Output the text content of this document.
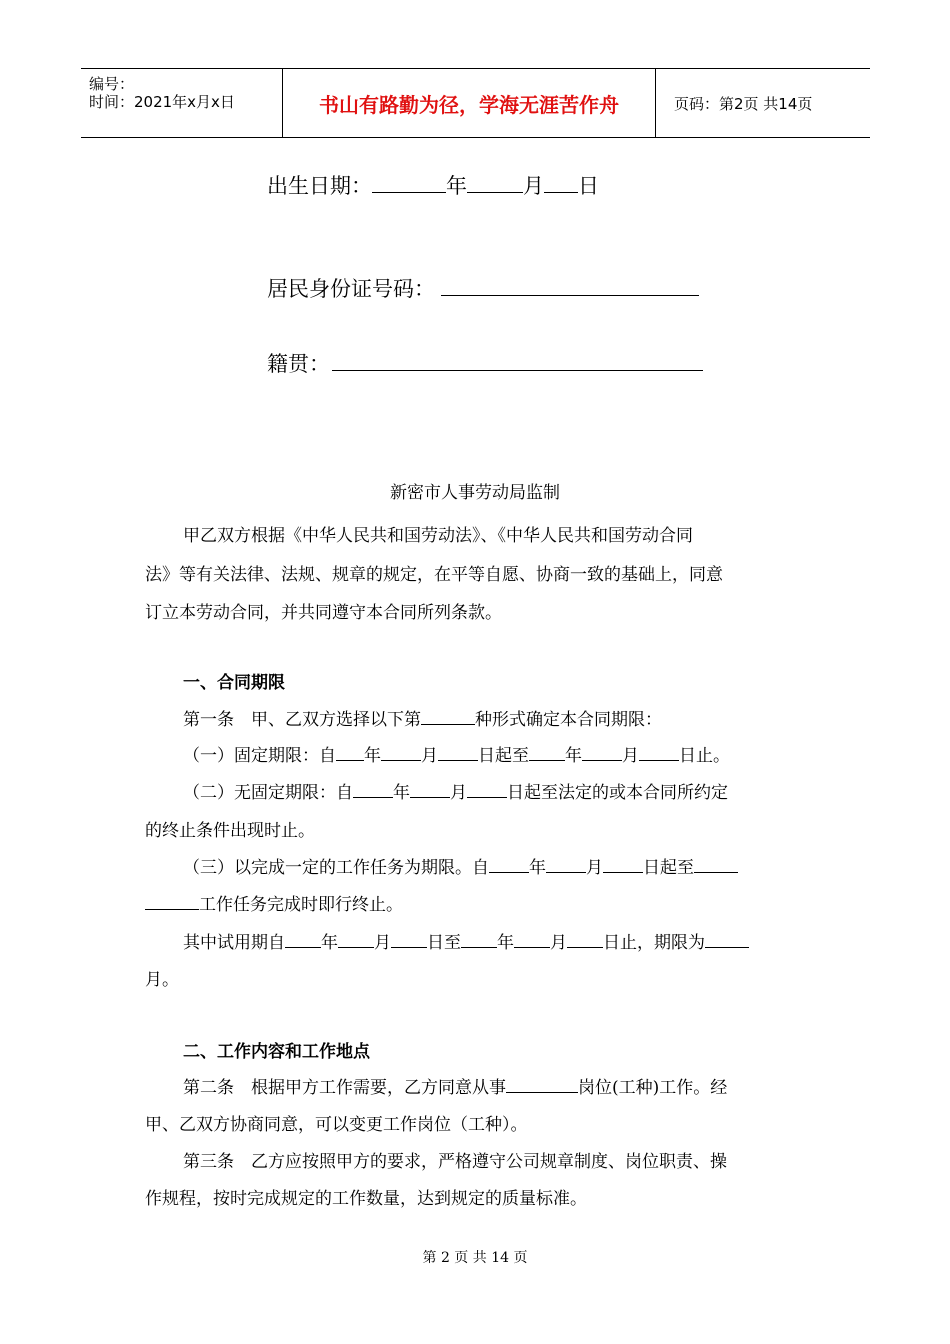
编号：
时间：2021年x月x日	书山有路勤为径，学海无涯苦作舟	页码：第2页 共14页
出生日期：	年	月 日
居民身份证号码：
籍贯：
新密市人事劳动局监制
甲乙双方根据《中华人民共和国劳动法》、《中华人民共和国劳动合同
法》等有关法律、法规、规章的规定，在平等自愿、协商一致的基础上，同意
订立本劳动合同，并共同遵守本合同所列条款。
一、合同期限
第一条　甲、乙双方选择以下第	种形式确定本合同期限：
（一）固定期限：自 年 月 日起至 年 月 日止。
（二）无固定期限：自 年 月 日起至法定的或本合同所约定
的终止条件出现时止。
（三）以完成一定的工作任务为期限。自 年 月 日起至
工作任务完成时即行终止。
其中试用期自 年 月 日至 年 月 日止，期限为
月。
二、工作内容和工作地点
第二条　根据甲方工作需要，乙方同意从事	岗位(工种)工作。经
甲、乙双方协商同意，可以变更工作岗位（工种）。
第三条　乙方应按照甲方的要求，严格遵守公司规章制度、岗位职责、操
作规程，按时完成规定的工作数量，达到规定的质量标准。
第 2 页 共 14 页
